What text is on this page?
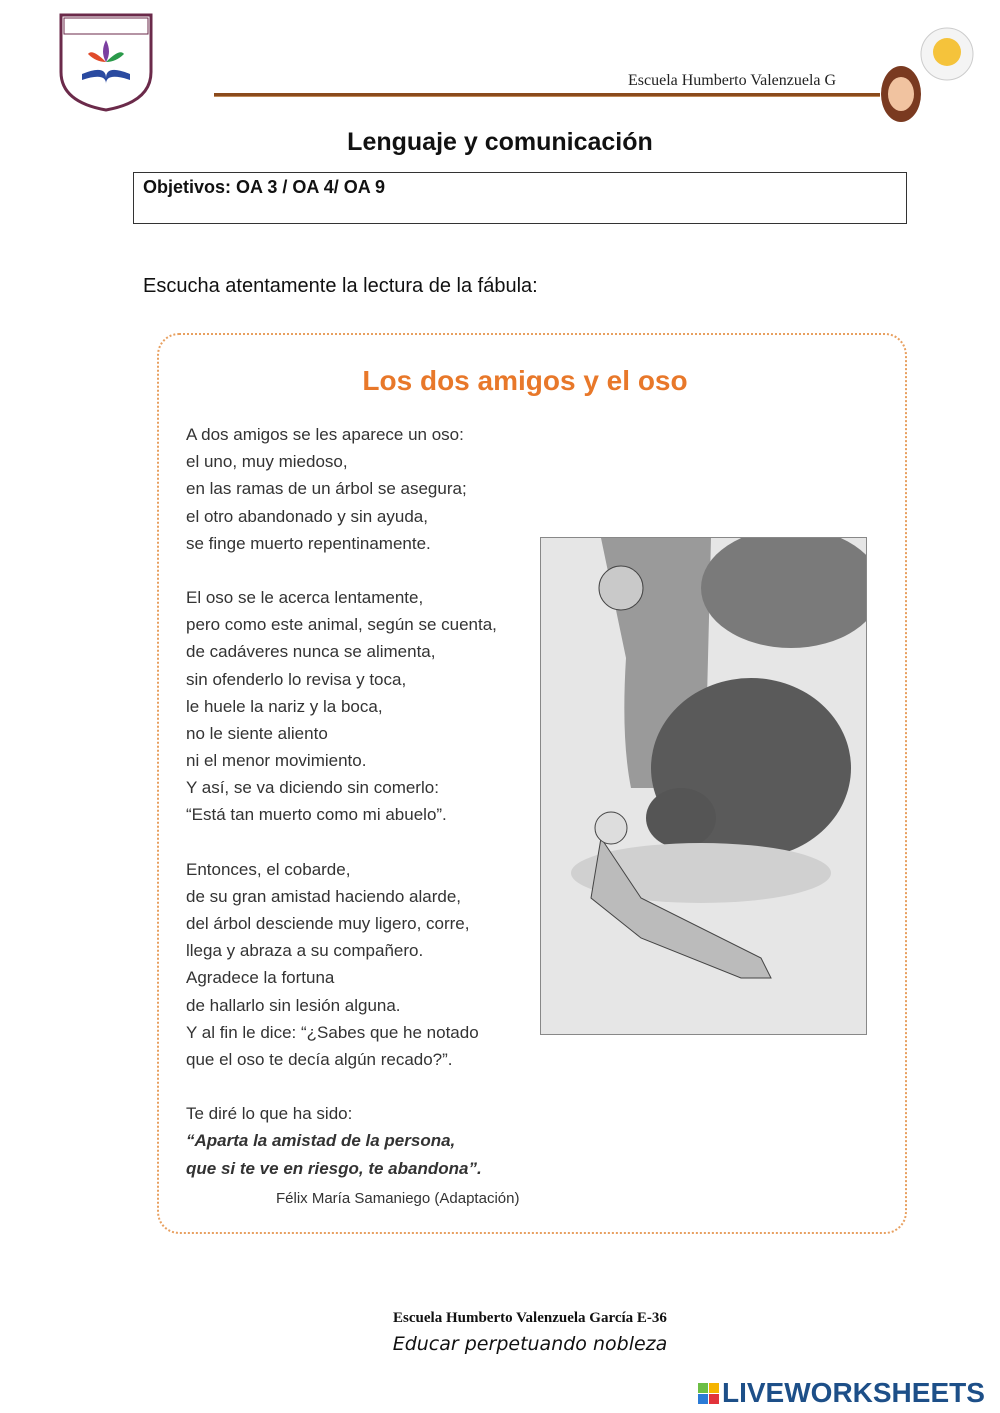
Escuela Humberto Valenzuela G
Lenguaje y comunicación
Objetivos: OA 3 / OA 4/ OA 9
Escucha atentamente la lectura de la fábula:
Los dos amigos y el oso
A dos amigos se les aparece un oso:
el uno, muy miedoso,
en las ramas de un árbol se asegura;
el otro abandonado y sin ayuda,
se finge muerto repentinamente.
El oso se le acerca lentamente,
pero como este animal, según se cuenta,
de cadáveres nunca se alimenta,
sin ofenderlo lo revisa y toca,
le huele la nariz y la boca,
no le siente aliento
ni el menor movimiento.
Y así, se va diciendo sin comerlo:
“Está tan muerto como mi abuelo”.
Entonces, el cobarde,
de su gran amistad haciendo alarde,
del árbol desciende muy ligero, corre,
llega y abraza a su compañero.
Agradece la fortuna
de hallarlo sin lesión alguna.
Y al fin le dice: “¿Sabes que he notado
que el oso te decía algún recado?”.
Te diré lo que ha sido:
“Aparta la amistad de la persona,
que si te ve en riesgo, te abandona”.
Félix María Samaniego (Adaptación)
Escuela Humberto Valenzuela García E-36
Educar perpetuando nobleza
LIVEWORKSHEETS
